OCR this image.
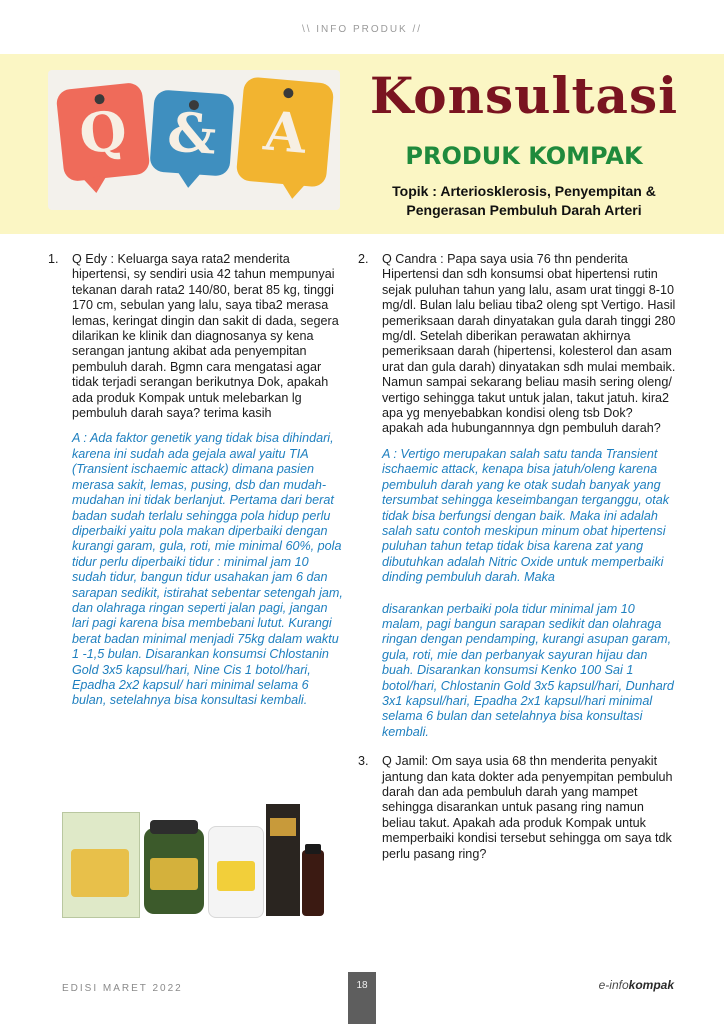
\\ INFO PRODUK //
Q & A
Konsultasi
PRODUK KOMPAK
Topik : Arteriosklerosis, Penyempitan & Pengerasan Pembuluh Darah Arteri
1.	Q Edy : Keluarga saya rata2 menderita hipertensi, sy sendiri usia 42 tahun mempunyai tekanan darah rata2 140/80, berat 85 kg, tinggi 170 cm, sebulan yang lalu, saya tiba2 merasa lemas, keringat dingin dan sakit di dada, segera dilarikan ke klinik dan diagnosanya sy kena serangan jantung akibat ada penyempitan pembuluh darah. Bgmn cara mengatasi agar tidak terjadi serangan berikutnya Dok, apakah ada produk Kompak untuk melebarkan lg pembuluh darah saya? terima kasih
A : Ada faktor genetik yang tidak bisa dihindari, karena ini sudah ada gejala awal yaitu TIA (Transient ischaemic attack) dimana pasien merasa sakit, lemas, pusing, dsb dan mudah-mudahan ini tidak berlanjut. Pertama dari berat badan sudah terlalu sehingga pola hidup perlu diperbaiki yaitu pola makan diperbaiki dengan kurangi garam, gula, roti, mie minimal 60%, pola tidur perlu diperbaiki tidur : minimal jam 10 sudah tidur, bangun tidur usahakan jam 6 dan sarapan sedikit, istirahat sebentar setengah jam, dan olahraga ringan seperti jalan pagi, jangan lari pagi karena bisa membebani lutut. Kurangi berat badan minimal menjadi 75kg dalam waktu 1 -1,5 bulan. Disarankan konsumsi Chlostanin Gold 3x5 kapsul/hari, Nine Cis 1 botol/hari, Epadha 2x2 kapsul/ hari minimal selama 6 bulan, setelahnya bisa konsultasi kembali.
2.	Q Candra : Papa saya usia 76 thn penderita Hipertensi dan sdh konsumsi obat hipertensi rutin sejak puluhan tahun yang lalu, asam urat tinggi 8-10 mg/dl. Bulan lalu beliau tiba2 oleng spt Vertigo. Hasil pemeriksaan darah dinyatakan gula darah tinggi 280 mg/dl. Setelah diberikan perawatan akhirnya pemeriksaan darah (hipertensi, kolesterol dan asam urat dan gula darah) dinyatakan sdh mulai membaik. Namun sampai sekarang beliau masih sering oleng/ vertigo sehingga takut untuk jalan, takut jatuh. kira2 apa yg menyebabkan kondisi oleng tsb Dok? apakah ada hubungannnya dgn pembuluh darah?
A : Vertigo merupakan salah satu tanda Transient ischaemic attack, kenapa bisa jatuh/oleng karena pembuluh darah yang ke otak sudah banyak yang tersumbat sehingga keseimbangan terganggu, otak tidak bisa berfungsi dengan baik. Maka ini adalah salah satu contoh meskipun minum obat hipertensi puluhan tahun tetap tidak bisa karena zat yang dibutuhkan adalah Nitric Oxide untuk memperbaiki dinding pembuluh darah. Maka
disarankan perbaiki pola tidur minimal jam 10 malam, pagi bangun sarapan sedikit dan olahraga ringan dengan pendamping, kurangi asupan garam, gula, roti, mie dan perbanyak sayuran hijau dan buah. Disarankan konsumsi Kenko 100 Sai 1 botol/hari, Chlostanin Gold 3x5 kapsul/hari, Dunhard 3x1 kapsul/hari, Epadha 2x1 kapsul/hari minimal selama 6 bulan dan setelahnya bisa konsultasi kembali.
3.	Q Jamil: Om saya usia 68 thn menderita penyakit jantung dan kata dokter ada penyempitan pembuluh darah dan ada pembuluh darah yang mampet sehingga disarankan untuk pasang ring namun beliau takut. Apakah ada produk Kompak untuk memperbaiki kondisi tersebut sehingga om saya tdk perlu pasang ring?
EDISI MARET 2022	18	e-infokompak
